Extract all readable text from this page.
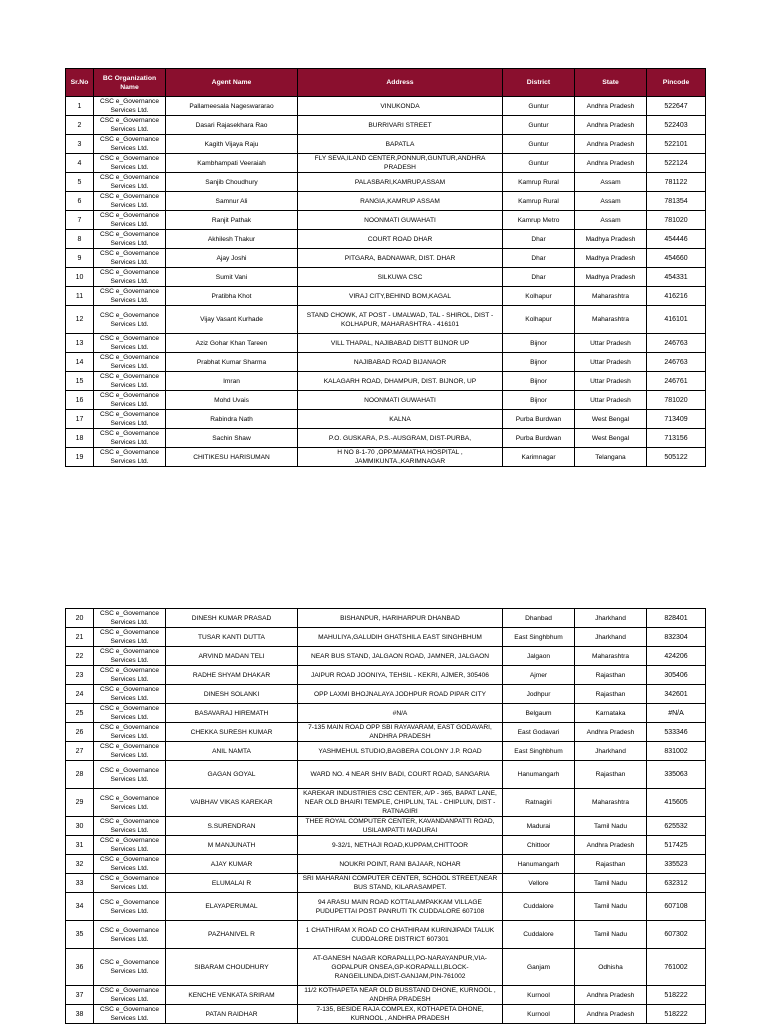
Sr.No	BC Organization Name	Agent Name	Address	District	State	Pincode
1	CSC e_Governance Services Ltd.	Pallameesala Nageswararao	VINUKONDA	Guntur	Andhra Pradesh	522647
2	CSC e_Governance Services Ltd.	Dasari Rajasekhara Rao	BURRIVARI STREET	Guntur	Andhra Pradesh	522403
3	CSC e_Governance Services Ltd.	Kagith Vijaya Raju	BAPATLA	Guntur	Andhra Pradesh	522101
4	CSC e_Governance Services Ltd.	Kambhampati Veeraiah	FLY SEVA,ILAND CENTER,PONNUR,GUNTUR,ANDHRA PRADESH	Guntur	Andhra Pradesh	522124
5	CSC e_Governance Services Ltd.	Sanjib Choudhury	PALASBARI,KAMRUP,ASSAM	Kamrup Rural	Assam	781122
6	CSC e_Governance Services Ltd.	Samnur Ali	RANGIA,KAMRUP ASSAM	Kamrup Rural	Assam	781354
7	CSC e_Governance Services Ltd.	Ranjit Pathak	NOONMATI GUWAHATI	Kamrup Metro	Assam	781020
8	CSC e_Governance Services Ltd.	Akhilesh Thakur	COURT ROAD DHAR	Dhar	Madhya Pradesh	454446
9	CSC e_Governance Services Ltd.	Ajay Joshi	PITGARA, BADNAWAR, DIST. DHAR	Dhar	Madhya Pradesh	454660
10	CSC e_Governance Services Ltd.	Sumit Vani	SILKUWA CSC	Dhar	Madhya Pradesh	454331
11	CSC e_Governance Services Ltd.	Pratibha Khot	VIRAJ CITY,BEHIND BOM,KAGAL	Kolhapur	Maharashtra	416216
12	CSC e_Governance Services Ltd.	Vijay Vasant Kurhade	STAND CHOWK, AT POST - UMALWAD, TAL - SHIROL, DIST - KOLHAPUR, MAHARASHTRA - 416101	Kolhapur	Maharashtra	416101
13	CSC e_Governance Services Ltd.	Aziz Gohar Khan Tareen	VILL THAPAL, NAJIBABAD DISTT BIJNOR UP	Bijnor	Uttar Pradesh	246763
14	CSC e_Governance Services Ltd.	Prabhat Kumar Sharma	NAJIBABAD ROAD BIJANAOR	Bijnor	Uttar Pradesh	246763
15	CSC e_Governance Services Ltd.	Imran	KALAGARH ROAD, DHAMPUR, DIST. BIJNOR, UP	Bijnor	Uttar Pradesh	246761
16	CSC e_Governance Services Ltd.	Mohd Uvais	NOONMATI GUWAHATI	Bijnor	Uttar Pradesh	781020
17	CSC e_Governance Services Ltd.	Rabindra Nath	KALNA	Purba Burdwan	West Bengal	713409
18	CSC e_Governance Services Ltd.	Sachin Shaw	P.O. GUSKARA, P.S.-AUSGRAM, DIST-PURBA,	Purba Burdwan	West Bengal	713156
19	CSC e_Governance Services Ltd.	CHITIKESU HARISUMAN	H NO 8-1-70 ,OPP.MAMATHA HOSPITAL , JAMMIKUNTA.,KARIMNAGAR	Karimnagar	Telangana	505122
20	CSC e_Governance Services Ltd.	DINESH KUMAR PRASAD	BISHANPUR, HARIHARPUR DHANBAD	Dhanbad	Jharkhand	828401
21	CSC e_Governance Services Ltd.	TUSAR KANTI DUTTA	MAHULIYA,GALUDIH GHATSHILA EAST SINGHBHUM	East Singhbhum	Jharkhand	832304
22	CSC e_Governance Services Ltd.	ARVIND MADAN TELI	NEAR BUS STAND, JALGAON ROAD, JAMNER, JALGAON	Jalgaon	Maharashtra	424206
23	CSC e_Governance Services Ltd.	RADHE SHYAM DHAKAR	JAIPUR ROAD JOONIYA, TEHSIL - KEKRI, AJMER, 305406	Ajmer	Rajasthan	305406
24	CSC e_Governance Services Ltd.	DINESH SOLANKI	OPP LAXMI BHOJNALAYA JODHPUR ROAD PIPAR CITY	Jodhpur	Rajasthan	342601
25	CSC e_Governance Services Ltd.	BASAVARAJ HIREMATH	#N/A	Belgaum	Karnataka	#N/A
26	CSC e_Governance Services Ltd.	CHEKKA SURESH KUMAR	7-135 MAIN ROAD OPP SBI RAYAVARAM, EAST GODAVARI, ANDHRA PRADESH	East Godavari	Andhra Pradesh	533346
27	CSC e_Governance Services Ltd.	ANIL NAMTA	YASHMEHUL STUDIO,BAGBERA COLONY J.P. ROAD	East Singhbhum	Jharkhand	831002
28	CSC e_Governance Services Ltd.	GAGAN GOYAL	WARD NO. 4 NEAR SHIV BADI, COURT ROAD, SANGARIA	Hanumangarh	Rajasthan	335063
29	CSC e_Governance Services Ltd.	VAIBHAV VIKAS KAREKAR	KAREKAR INDUSTRIES CSC CENTER, A/P - 365, BAPAT LANE, NEAR OLD BHAIRI TEMPLE, CHIPLUN, TAL - CHIPLUN, DIST - RATNAGIRI	Ratnagiri	Maharashtra	415605
30	CSC e_Governance Services Ltd.	S.SURENDRAN	THEE ROYAL COMPUTER CENTER, KAVANDANPATTI ROAD, USILAMPATTI MADURAI	Madurai	Tamil Nadu	625532
31	CSC e_Governance Services Ltd.	M MANJUNATH	9-32/1, NETHAJI ROAD,KUPPAM,CHITTOOR	Chittoor	Andhra Pradesh	517425
32	CSC e_Governance Services Ltd.	AJAY KUMAR	NOUKRI POINT, RANI BAJAAR, NOHAR	Hanumangarh	Rajasthan	335523
33	CSC e_Governance Services Ltd.	ELUMALAI R	SRI MAHARANI COMPUTER CENTER, SCHOOL STREET,NEAR BUS STAND, KILARASAMPET.	Vellore	Tamil Nadu	632312
34	CSC e_Governance Services Ltd.	ELAYAPERUMAL	94 ARASU MAIN ROAD KOTTALAMPAKKAM VILLAGE PUDUPETTAI POST PANRUTI TK CUDDALORE 607108	Cuddalore	Tamil Nadu	607108
35	CSC e_Governance Services Ltd.	PAZHANIVEL R	1 CHATHIRAM X ROAD CO CHATHIRAM KURINJIPADI TALUK CUDDALORE DISTRICT 607301	Cuddalore	Tamil Nadu	607302
36	CSC e_Governance Services Ltd.	SIBARAM CHOUDHURY	AT-GANESH NAGAR KORAPALLI,PO-NARAYANPUR,VIA-GOPALPUR ONSEA,GP-KORAPALLI,BLOCK-RANGEILUNDA,DIST-GANJAM,PIN-761002	Ganjam	Odhisha	761002
37	CSC e_Governance Services Ltd.	KENCHE VENKATA SRIRAM	11/2 KOTHAPETA NEAR OLD BUSSTAND DHONE, KURNOOL , ANDHRA PRADESH	Kurnool	Andhra Pradesh	518222
38	CSC e_Governance Services Ltd.	PATAN RAIDHAR	7-135, BESIDE RAJA COMPLEX, KOTHAPETA DHONE, KURNOOL , ANDHRA PRADESH	Kurnool	Andhra Pradesh	518222
